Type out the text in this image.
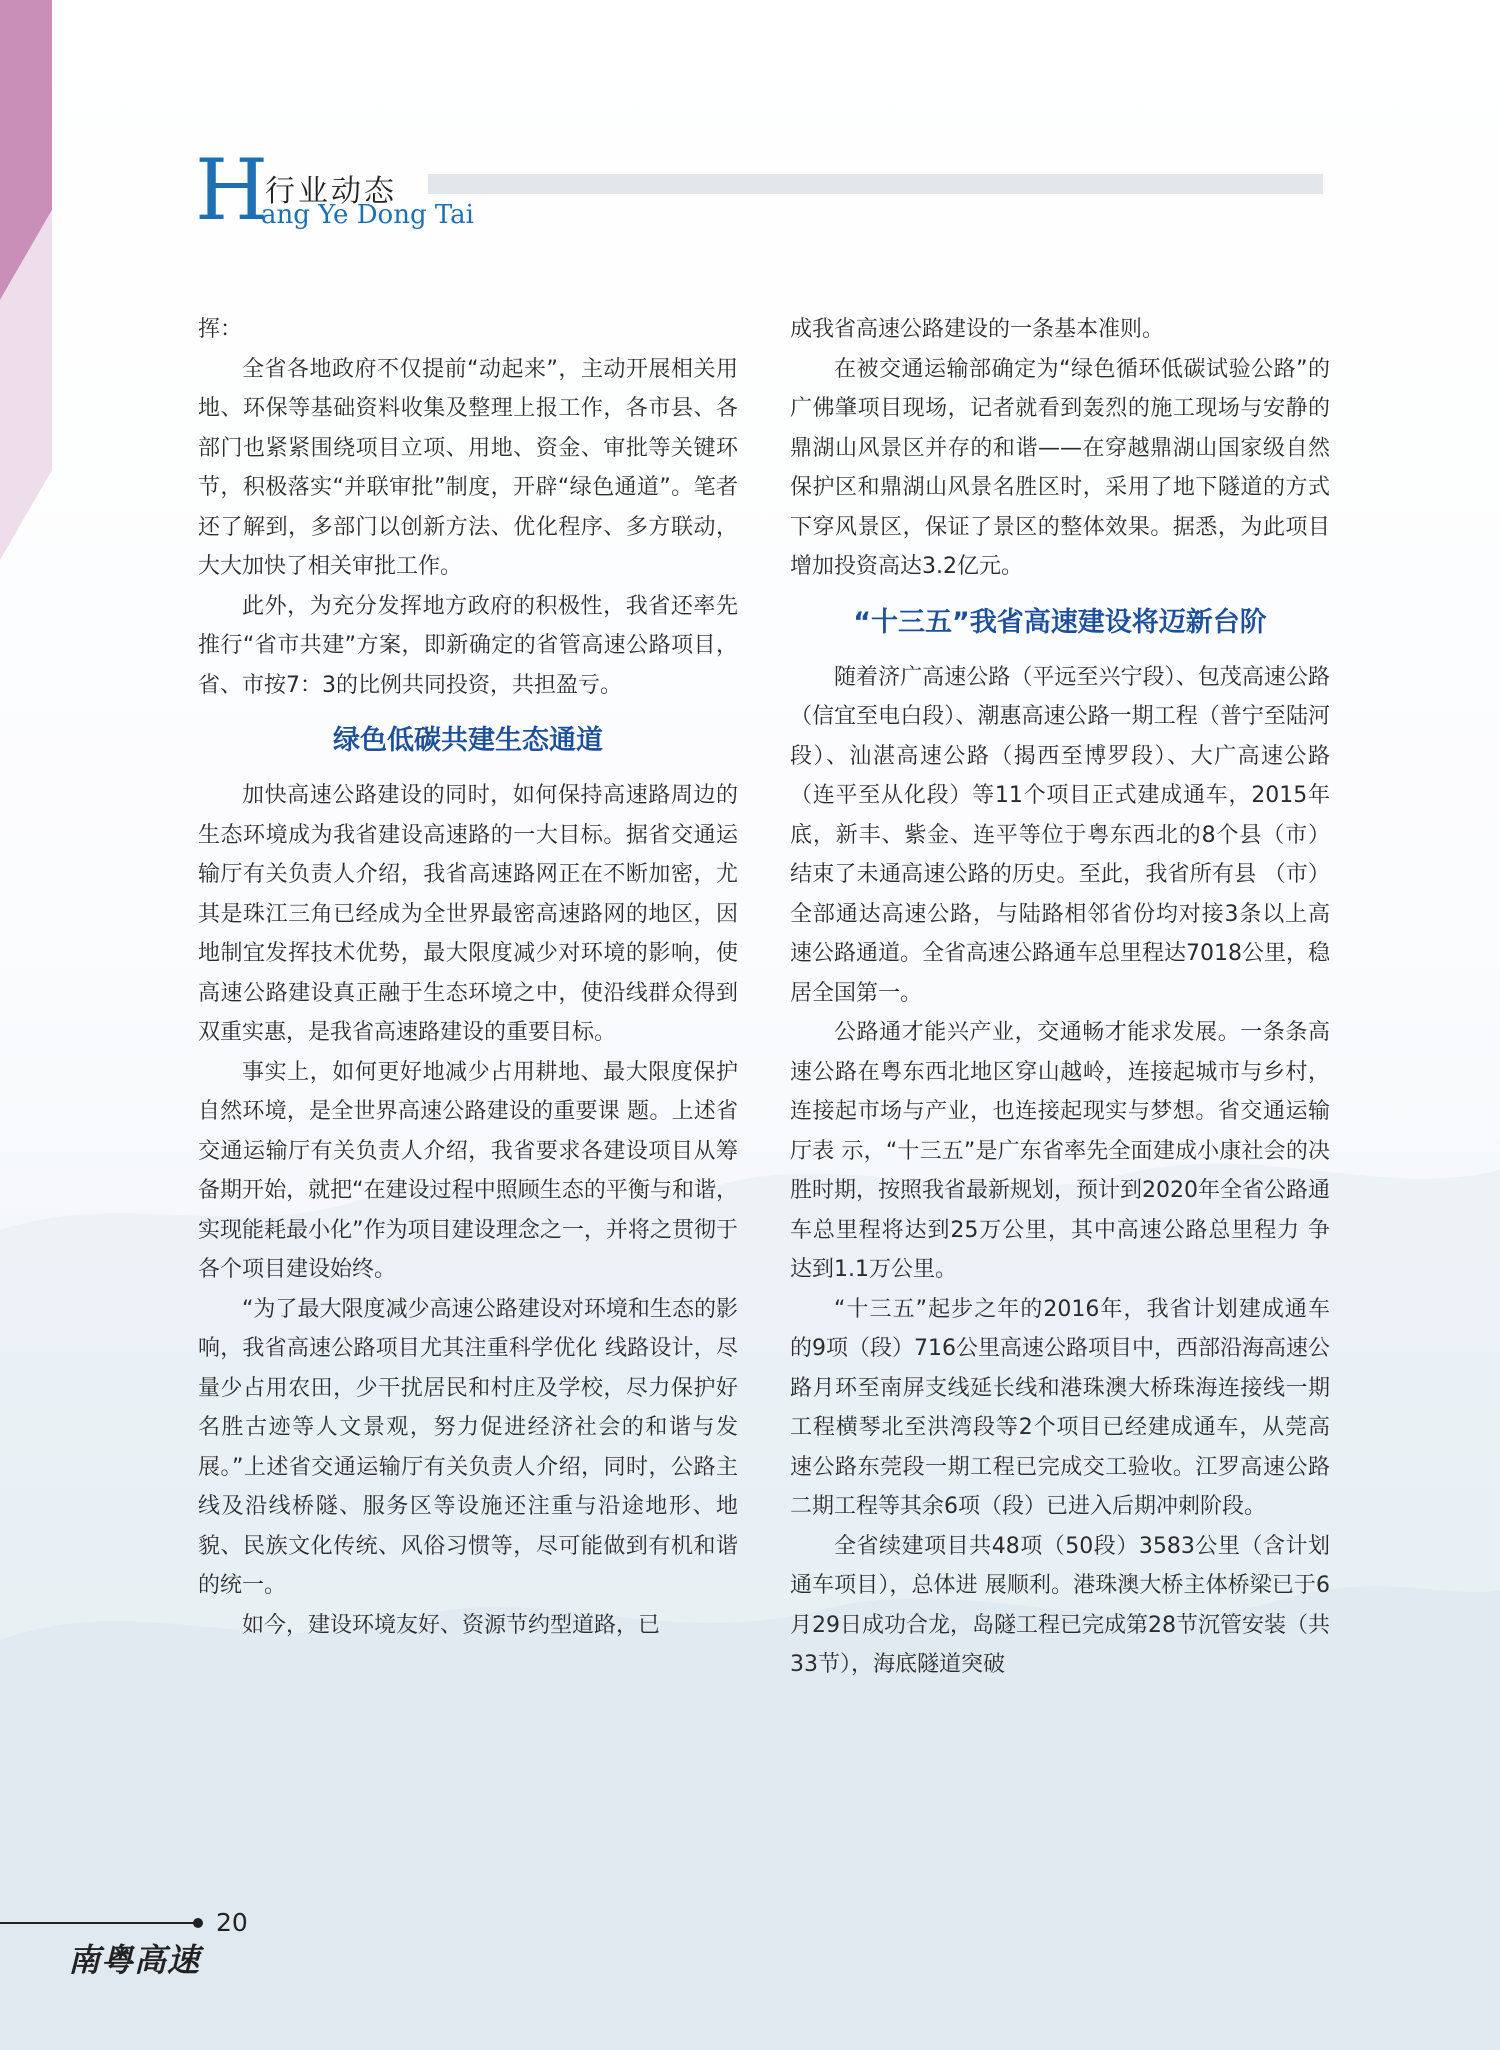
H
行业动态
ang Ye Dong Tai

挥：

全省各地政府不仅提前“动起来”，主动开展相关用地、环保等基础资料收集及整理上报工作，各市县、各部门也紧紧围绕项目立项、用地、资金、审批等关键环节，积极落实“并联审批”制度，开辟“绿色通道”。笔者还了解到，多部门以创新方法、优化程序、多方联动，大大加快了相关审批工作。

此外，为充分发挥地方政府的积极性，我省还率先推行“省市共建”方案，即新确定的省管高速公路项目，省、市按7：3的比例共同投资，共担盈亏。

绿色低碳共建生态通道

加快高速公路建设的同时，如何保持高速路周边的生态环境成为我省建设高速路的一大目标。据省交通运输厅有关负责人介绍，我省高速路网正在不断加密，尤其是珠江三角已经成为全世界最密高速路网的地区，因地制宜发挥技术优势，最大限度减少对环境的影响，使高速公路建设真正融于生态环境之中，使沿线群众得到双重实惠，是我省高速路建设的重要目标。

事实上，如何更好地减少占用耕地、最大限度保护自然环境，是全世界高速公路建设的重要课 题。上述省交通运输厅有关负责人介绍，我省要求各建设项目从筹备期开始，就把“在建设过程中照顾生态的平衡与和谐，实现能耗最小化”作为项目建设理念之一，并将之贯彻于各个项目建设始终。

“为了最大限度减少高速公路建设对环境和生态的影响，我省高速公路项目尤其注重科学优化 线路设计，尽量少占用农田，少干扰居民和村庄及学校，尽力保护好名胜古迹等人文景观，努力促进经济社会的和谐与发展。”上述省交通运输厅有关负责人介绍，同时，公路主线及沿线桥隧、服务区等设施还注重与沿途地形、地貌、民族文化传统、风俗习惯等，尽可能做到有机和谐的统一。

如今，建设环境友好、资源节约型道路，已

成我省高速公路建设的一条基本准则。

在被交通运输部确定为“绿色循环低碳试验公路”的广佛肇项目现场，记者就看到轰烈的施工现场与安静的鼎湖山风景区并存的和谐——在穿越鼎湖山国家级自然保护区和鼎湖山风景名胜区时，采用了地下隧道的方式下穿风景区，保证了景区的整体效果。据悉，为此项目增加投资高达3.2亿元。

“十三五”我省高速建设将迈新台阶

随着济广高速公路（平远至兴宁段）、包茂高速公路（信宜至电白段）、潮惠高速公路一期工程（普宁至陆河段）、汕湛高速公路（揭西至博罗段）、大广高速公路（连平至从化段）等11个项目正式建成通车，2015年底，新丰、紫金、连平等位于粤东西北的8个县（市）结束了未通高速公路的历史。至此，我省所有县 （市）全部通达高速公路，与陆路相邻省份均对接3条以上高速公路通道。全省高速公路通车总里程达7018公里，稳居全国第一。

公路通才能兴产业，交通畅才能求发展。一条条高速公路在粤东西北地区穿山越岭，连接起城市与乡村，连接起市场与产业，也连接起现实与梦想。省交通运输厅表 示，“十三五”是广东省率先全面建成小康社会的决胜时期，按照我省最新规划，预计到2020年全省公路通车总里程将达到25万公里，其中高速公路总里程力 争达到1.1万公里。

“十三五”起步之年的2016年，我省计划建成通车的9项（段）716公里高速公路项目中，西部沿海高速公路月环至南屏支线延长线和港珠澳大桥珠海连接线一期工程横琴北至洪湾段等2个项目已经建成通车，从莞高速公路东莞段一期工程已完成交工验收。江罗高速公路二期工程等其余6项（段）已进入后期冲刺阶段。

全省续建项目共48项（50段）3583公里（含计划通车项目），总体进 展顺利。港珠澳大桥主体桥梁已于6月29日成功合龙，岛隧工程已完成第28节沉管安装（共33节），海底隧道突破

20
南粤高速
